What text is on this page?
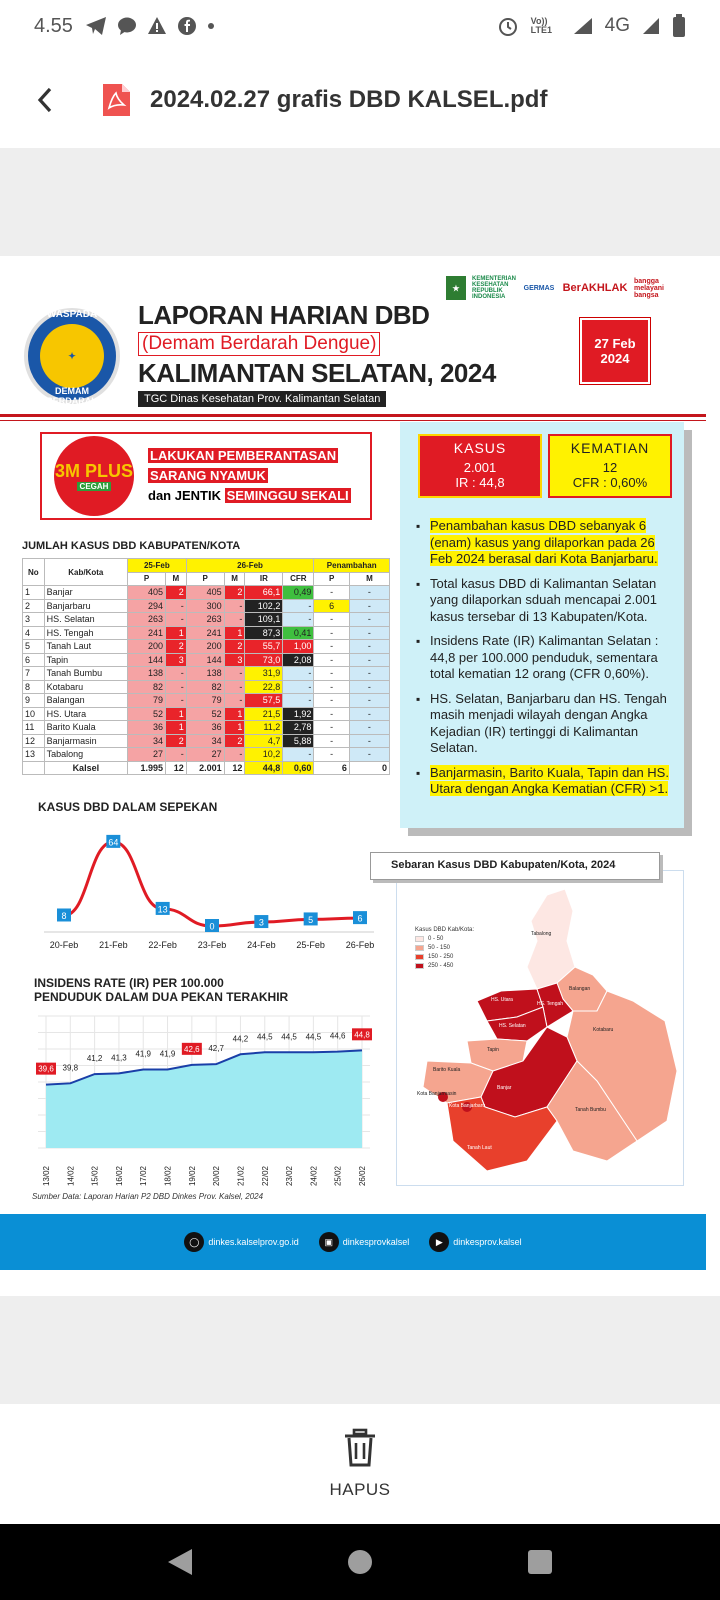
4.55	Vo)) LTE1	4G
2024.02.27 grafis DBD KALSEL.pdf
✦
WASPADA
DEMAM BERDARAH
LAPORAN HARIAN DBD
(Demam Berdarah Dengue)
KALIMANTAN SELATAN, 2024
TGC Dinas Kesehatan Prov. Kalimantan Selatan
★
KEMENTERIAN KESEHATAN REPUBLIK INDONESIA
GERMAS BerAKHLAK
bangga melayani bangsa
27 Feb
2024
3M PLUS
CEGAH
LAKUKAN PEMBERANTASAN
SARANG NYAMUK
dan JENTIK SEMINGGU SEKALI
KASUS
2.001
IR : 44,8
KEMATIAN
12
CFR : 0,60%
▪ Penambahan kasus DBD sebanyak 6 (enam) kasus yang dilaporkan pada 26 Feb 2024 berasal dari Kota Banjarbaru.
▪ Total kasus DBD di Kalimantan Selatan yang dilaporkan sduah mencapai 2.001 kasus tersebar di 13 Kabupaten/Kota.
▪ Insidens Rate (IR) Kalimantan Selatan : 44,8 per 100.000 penduduk, sementara total kematian 12 orang (CFR 0,60%).
▪ HS. Selatan, Banjarbaru dan HS. Tengah masih menjadi wilayah dengan Angka Kejadian (IR) tertinggi di Kalimantan Selatan.
▪ Banjarmasin, Barito Kuala, Tapin dan HS. Utara dengan Angka Kematian (CFR) >1.
JUMLAH KASUS DBD KABUPATEN/KOTA
No	Kab/Kota	25-Feb		26-Feb				Penambahan	
		P	M	P	M	IR	CFR	P	M
1	Banjar	405	2	405	2	66,1	0,49	-	-
2	Banjarbaru	294	-	300	-	102,2	-	6	-
3	HS. Selatan	263	-	263	-	109,1	-	-	-
4	HS. Tengah	241	1	241	1	87,3	0,41	-	-
5	Tanah Laut	200	2	200	2	55,7	1,00	-	-
6	Tapin	144	3	144	3	73,0	2,08	-	-
7	Tanah Bumbu	138	-	138	-	31,9	-	-	-
8	Kotabaru	82	-	82	-	22,8	-	-	-
9	Balangan	79	-	79	-	57,5	-	-	-
10	HS. Utara	52	1	52	1	21,5	1,92	-	-
11	Barito Kuala	36	1	36	1	11,2	2,78	-	-
12	Banjarmasin	34	2	34	2	4,7	5,88	-	-
13	Tabalong	27	-	27	-	10,2	-	-	-
	Kalsel	1.995	12	2.001	12	44,8	0,60	6	0
KASUS DBD DALAM SEPEKAN
8
20-Feb
64
21-Feb
13
22-Feb
0
23-Feb
3
24-Feb
5
25-Feb
6
26-Feb
INSIDENS RATE (IR) PER 100.000 PENDUDUK DALAM DUA PEKAN TERAKHIR
39,6
13/02
39,8
14/02
41,2
15/02
41,3
16/02
41,9
17/02
41,9
18/02
42,6
19/02
42,7
20/02
44,2
21/02
44,5
22/02
44,5
23/02
44,5
24/02
44,6
25/02
44,8
26/02
Sumber Data: Laporan Harian P2 DBD Dinkes Prov. Kalsel, 2024
Kasus DBD Kab/Kota:
0 - 50
50 - 150
150 - 250
250 - 450
Tabalong
Balangan
HS. Utara
HS. Tengah
HS. Selatan
Tapin
Kotabaru
Barito Kuala
Banjar
Kota Banjarbaru
Kota Banjarmasin
Tanah Bumbu
Tanah Laut
Sebaran Kasus DBD Kabupaten/Kota, 2024
◯ dinkes.kalselprov.go.id	▣	dinkesprovkalsel	▶	dinkesprov.kalsel
HAPUS
